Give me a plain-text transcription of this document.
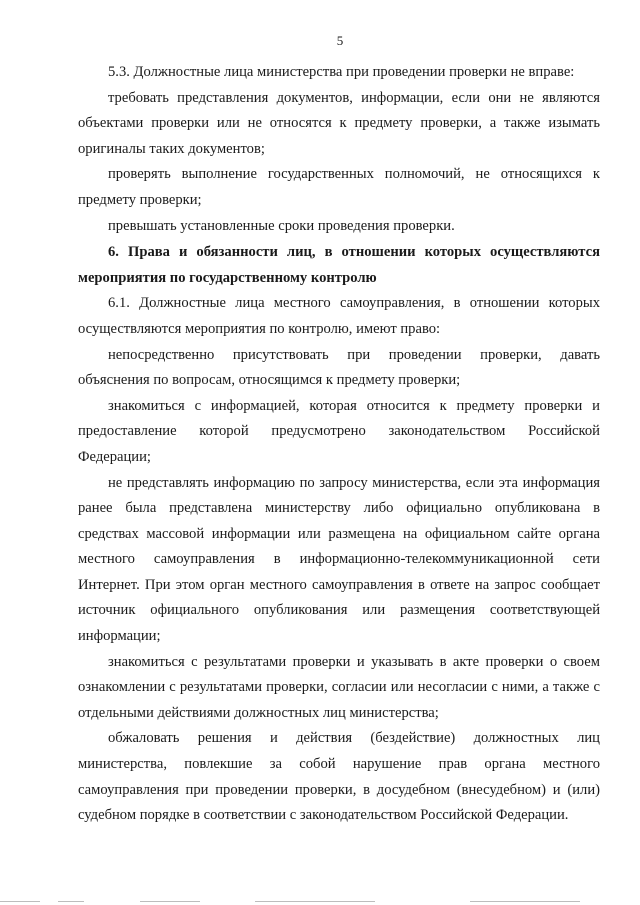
5

5.3. Должностные лица министерства при проведении проверки не вправе:

требовать представления документов, информации, если они не являются объектами проверки или не относятся к предмету проверки, а также изымать оригиналы таких документов;

проверять выполнение государственных полномочий, не относящихся к предмету проверки;

превышать установленные сроки проведения проверки.

6. Права и обязанности лиц, в отношении которых осуществляются мероприятия по государственному контролю

6.1. Должностные лица местного самоуправления, в отношении которых осуществляются мероприятия по контролю, имеют право:

непосредственно присутствовать при проведении проверки, давать объяснения по вопросам, относящимся к предмету проверки;

знакомиться с информацией, которая относится к предмету проверки и предоставление которой предусмотрено законодательством Российской Федерации;

не представлять информацию по запросу министерства, если эта информация ранее была представлена министерству либо официально опубликована в средствах массовой информации или размещена на официальном сайте органа местного самоуправления в информационно-телекоммуникационной сети Интернет. При этом орган местного самоуправления в ответе на запрос сообщает источник официального опубликования или размещения соответствующей информации;

знакомиться с результатами проверки и указывать в акте проверки о своем ознакомлении с результатами проверки, согласии или несогласии с ними, а также с отдельными действиями должностных лиц министерства;

обжаловать решения и действия (бездействие) должностных лиц министерства, повлекшие за собой нарушение прав органа местного самоуправления при проведении проверки, в досудебном (внесудебном) и (или) судебном порядке в соответствии с законодательством Российской Федерации.
